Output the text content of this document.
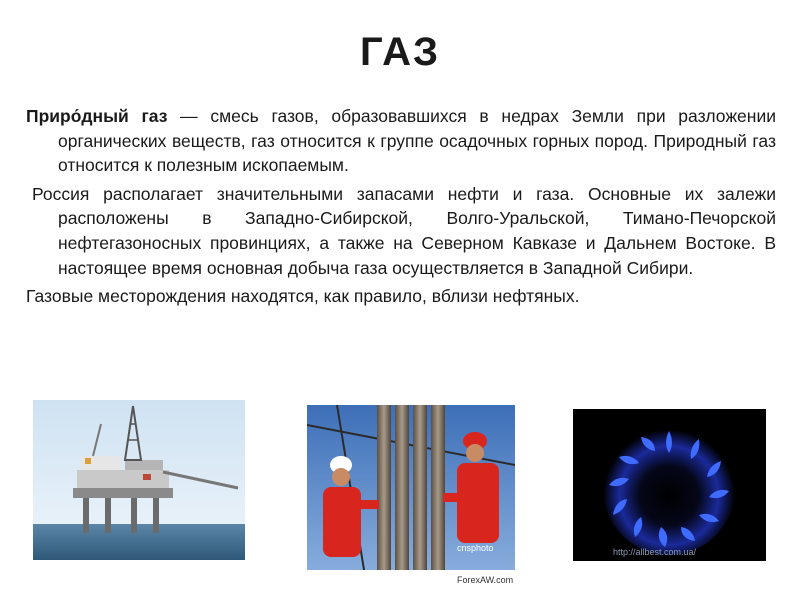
ГАЗ

Приро́дный газ — смесь газов, образовавшихся в недрах Земли при разложении органических веществ, газ относится к группе осадочных горных пород. Природный газ относится к полезным ископаемым.

Россия располагает значительными запасами нефти и газа. Основные их залежи расположены в Западно-Сибирской, Волго-Уральской, Тимано-Печорской нефтегазоносных провинциях, а также на Северном Кавказе и Дальнем Востоке. В настоящее время основная добыча газа осуществляется в Западной Сибири.

Газовые месторождения находятся, как правило, вблизи нефтяных.

cnsphoto
ForexAW.com
http://allbest.com.ua/
